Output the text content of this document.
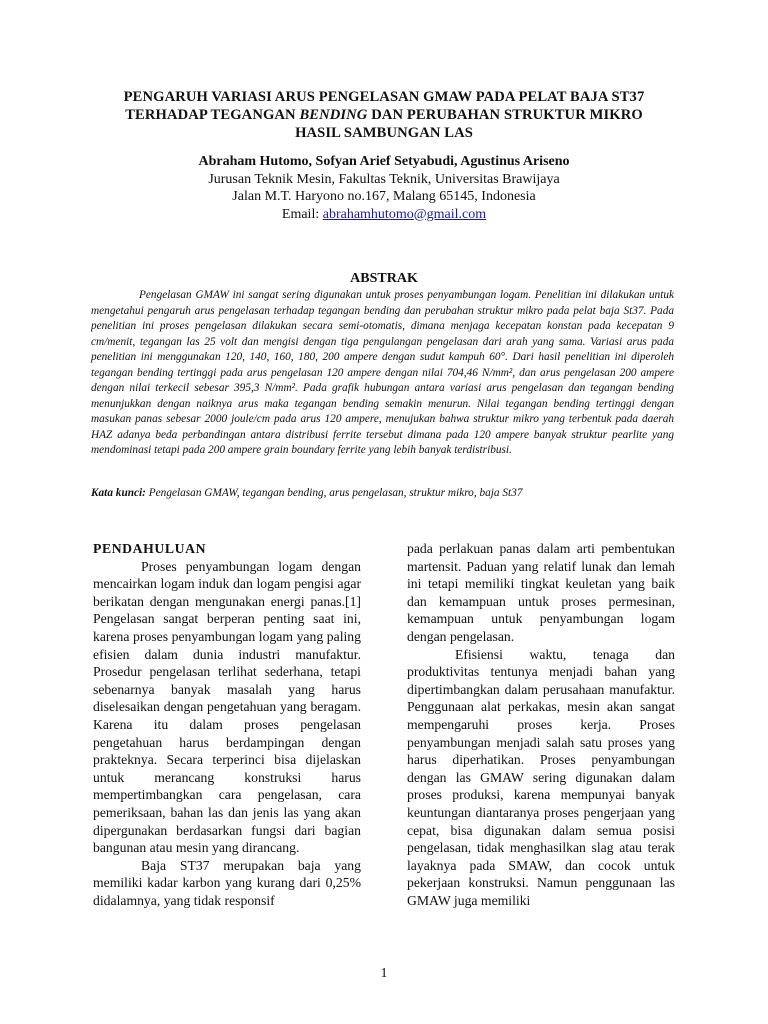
PENGARUH VARIASI ARUS PENGELASAN GMAW PADA PELAT BAJA ST37
TERHADAP TEGANGAN BENDING DAN PERUBAHAN STRUKTUR MIKRO
HASIL SAMBUNGAN LAS
Abraham Hutomo, Sofyan Arief Setyabudi, Agustinus Ariseno
Jurusan Teknik Mesin, Fakultas Teknik, Universitas Brawijaya
Jalan M.T. Haryono no.167, Malang 65145, Indonesia
Email: abrahamhutomo@gmail.com
ABSTRAK

Pengelasan GMAW ini sangat sering digunakan untuk proses penyambungan logam. Penelitian ini dilakukan untuk mengetahui pengaruh arus pengelasan terhadap tegangan bending dan perubahan struktur mikro pada pelat baja St37. Pada penelitian ini proses pengelasan dilakukan secara semi-otomatis, dimana menjaga kecepatan konstan pada kecepatan 9 cm/menit, tegangan las 25 volt dan mengisi dengan tiga pengulangan pengelasan dari arah yang sama. Variasi arus pada penelitian ini menggunakan 120, 140, 160, 180, 200 ampere dengan sudut kampuh 60°. Dari hasil penelitian ini diperoleh tegangan bending tertinggi pada arus pengelasan 120 ampere dengan nilai 704,46 N/mm², dan arus pengelasan 200 ampere dengan nilai terkecil sebesar 395,3 N/mm². Pada grafik hubungan antara variasi arus pengelasan dan tegangan bending menunjukkan dengan naiknya arus maka tegangan bending semakin menurun. Nilai tegangan bending tertinggi dengan masukan panas sebesar 2000 joule/cm pada arus 120 ampere, menujukan bahwa struktur mikro yang terbentuk pada daerah HAZ adanya beda perbandingan antara distribusi ferrite tersebut dimana pada 120 ampere banyak struktur pearlite yang mendominasi tetapi pada 200 ampere grain boundary ferrite yang lebih banyak terdistribusi.

Kata kunci: Pengelasan GMAW, tegangan bending, arus pengelasan, struktur mikro, baja St37
PENDAHULUAN

Proses penyambungan logam dengan mencairkan logam induk dan logam pengisi agar berikatan dengan mengunakan energi panas.[1] Pengelasan sangat berperan penting saat ini, karena proses penyambungan logam yang paling efisien dalam dunia industri manufaktur. Prosedur pengelasan terlihat sederhana, tetapi sebenarnya banyak masalah yang harus diselesaikan dengan pengetahuan yang beragam. Karena itu dalam proses pengelasan pengetahuan harus berdampingan dengan prakteknya. Secara terperinci bisa dijelaskan untuk merancang konstruksi harus mempertimbangkan cara pengelasan, cara pemeriksaan, bahan las dan jenis las yang akan dipergunakan berdasarkan fungsi dari bagian bangunan atau mesin yang dirancang.

Baja ST37 merupakan baja yang memiliki kadar karbon yang kurang dari 0,25% didalamnya, yang tidak responsif

pada perlakuan panas dalam arti pembentukan martensit. Paduan yang relatif lunak dan lemah ini tetapi memiliki tingkat keuletan yang baik dan kemampuan untuk proses permesinan, kemampuan untuk penyambungan logam dengan pengelasan.

Efisiensi waktu, tenaga dan produktivitas tentunya menjadi bahan yang dipertimbangkan dalam perusahaan manufaktur. Penggunaan alat perkakas, mesin akan sangat mempengaruhi proses kerja. Proses penyambungan menjadi salah satu proses yang harus diperhatikan. Proses penyambungan dengan las GMAW sering digunakan dalam proses produksi, karena mempunyai banyak keuntungan diantaranya proses pengerjaan yang cepat, bisa digunakan dalam semua posisi pengelasan, tidak menghasilkan slag atau terak layaknya pada SMAW, dan cocok untuk pekerjaan konstruksi. Namun penggunaan las GMAW juga memiliki

1
